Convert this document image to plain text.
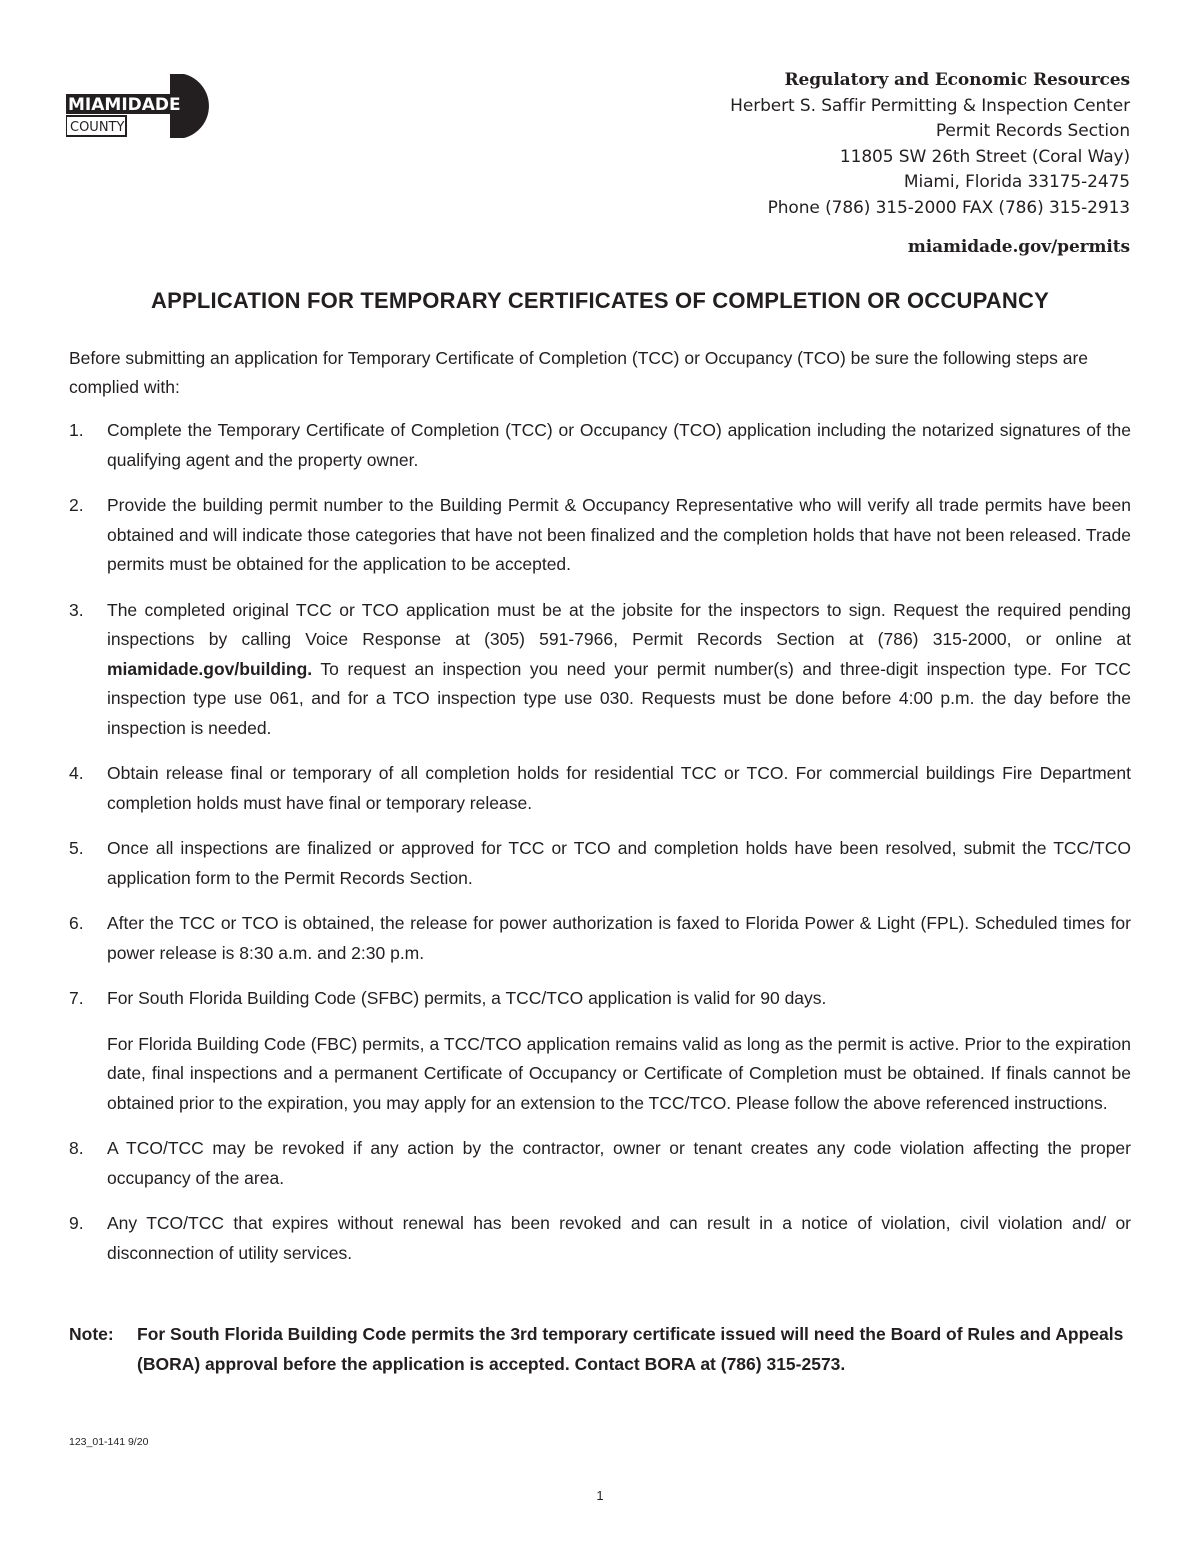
MIAMIDADE
COUNTY
Regulatory and Economic Resources
Herbert S. Saffir Permitting & Inspection Center
Permit Records Section
11805 SW 26th Street (Coral Way)
Miami, Florida 33175-2475
Phone (786) 315-2000 FAX (786) 315-2913
miamidade.gov/permits
APPLICATION FOR TEMPORARY CERTIFICATES OF COMPLETION OR OCCUPANCY
Before submitting an application for Temporary Certificate of Completion (TCC) or Occupancy (TCO) be sure the following steps are complied with:
1.	Complete the Temporary Certificate of Completion (TCC) or Occupancy (TCO) application including the notarized signatures of the qualifying agent and the property owner.
2.	Provide the building permit number to the Building Permit & Occupancy Representative who will verify all trade permits have been obtained and will indicate those categories that have not been finalized and the completion holds that have not been released. Trade permits must be obtained for the application to be accepted.
3.	The completed original TCC or TCO application must be at the jobsite for the inspectors to sign. Request the required pending inspections by calling Voice Response at (305) 591-7966, Permit Records Section at (786) 315-2000, or online at miamidade.gov/building. To request an inspection you need your permit number(s) and three-digit inspection type. For TCC inspection type use 061, and for a TCO inspection type use 030. Requests must be done before 4:00 p.m. the day before the inspection is needed.
4.	Obtain release final or temporary of all completion holds for residential TCC or TCO. For commercial buildings Fire Department completion holds must have final or temporary release.
5.	Once all inspections are finalized or approved for TCC or TCO and completion holds have been resolved, submit the TCC/TCO application form to the Permit Records Section.
6.	After the TCC or TCO is obtained, the release for power authorization is faxed to Florida Power & Light (FPL). Scheduled times for power release is 8:30 a.m. and 2:30 p.m.
7.	For South Florida Building Code (SFBC) permits, a TCC/TCO application is valid for 90 days.
For Florida Building Code (FBC) permits, a TCC/TCO application remains valid as long as the permit is active. Prior to the expiration date, final inspections and a permanent Certificate of Occupancy or Certificate of Completion must be obtained. If finals cannot be obtained prior to the expiration, you may apply for an extension to the TCC/TCO. Please follow the above referenced instructions.
8.	A TCO/TCC may be revoked if any action by the contractor, owner or tenant creates any code violation affecting the proper occupancy of the area.
9.	Any TCO/TCC that expires without renewal has been revoked and can result in a notice of violation, civil violation and/ or disconnection of utility services.
Note:	For South Florida Building Code permits the 3rd temporary certificate issued will need the Board of Rules and Appeals (BORA) approval before the application is accepted. Contact BORA at (786) 315-2573.
123_01-141 9/20
1
